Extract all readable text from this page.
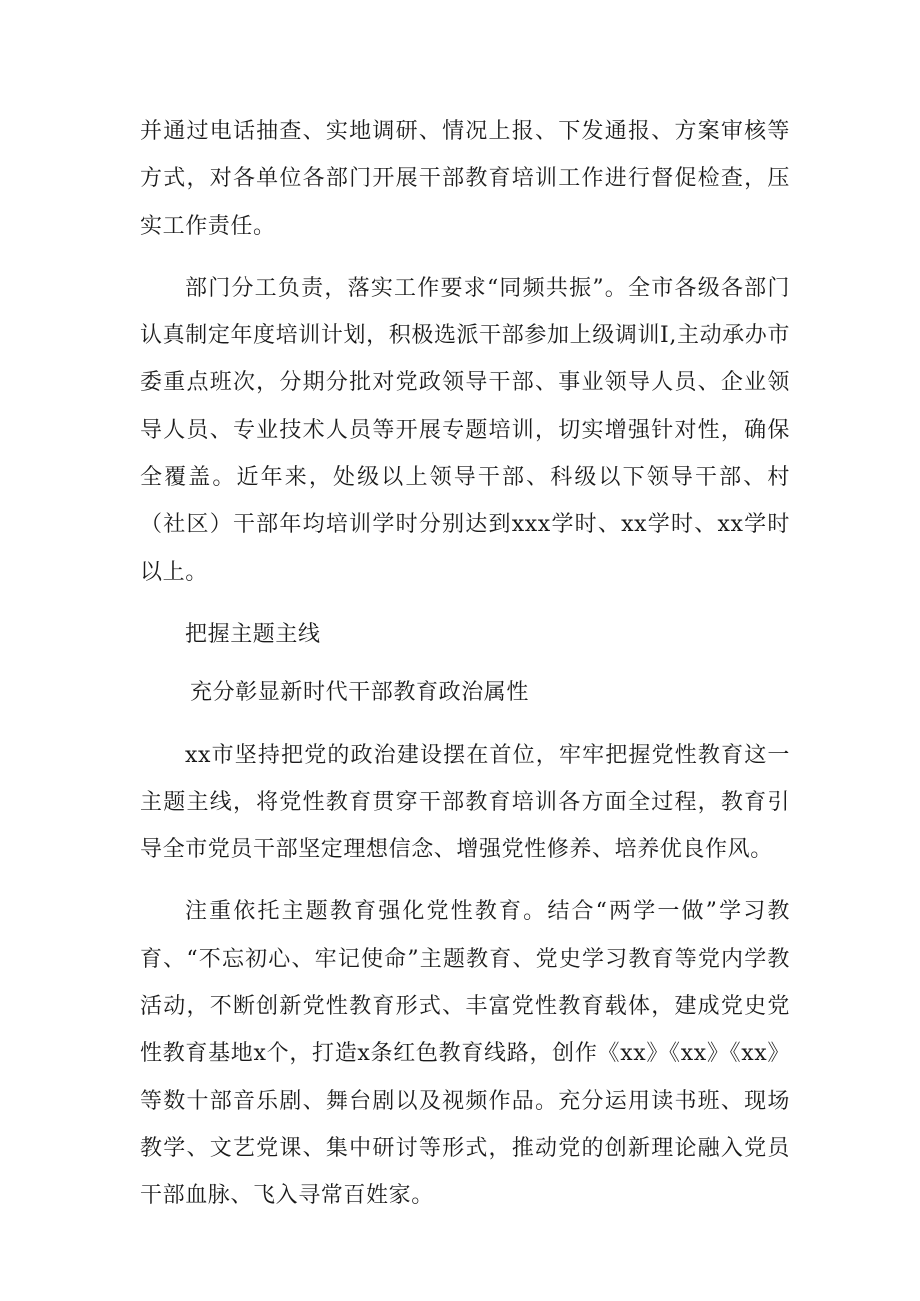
并通过电话抽查、实地调研、情况上报、下发通报、方案审核等方式，对各单位各部门开展干部教育培训工作进行督促检查，压实工作责任。

部门分工负责，落实工作要求“同频共振”。全市各级各部门认真制定年度培训计划，积极选派干部参加上级调训I,主动承办市委重点班次，分期分批对党政领导干部、事业领导人员、企业领导人员、专业技术人员等开展专题培训，切实增强针对性，确保全覆盖。近年来，处级以上领导干部、科级以下领导干部、村（社区）干部年均培训学时分别达到xxx学时、xx学时、xx学时以上。

把握主题主线

充分彰显新时代干部教育政治属性

xx市坚持把党的政治建设摆在首位，牢牢把握党性教育这一主题主线，将党性教育贯穿干部教育培训各方面全过程，教育引导全市党员干部坚定理想信念、增强党性修养、培养优良作风。

注重依托主题教育强化党性教育。结合“两学一做”学习教育、“不忘初心、牢记使命”主题教育、党史学习教育等党内学教活动，不断创新党性教育形式、丰富党性教育载体，建成党史党性教育基地x个，打造x条红色教育线路，创作《xx》《xx》《xx》等数十部音乐剧、舞台剧以及视频作品。充分运用读书班、现场教学、文艺党课、集中研讨等形式，推动党的创新理论融入党员干部血脉、飞入寻常百姓家。
